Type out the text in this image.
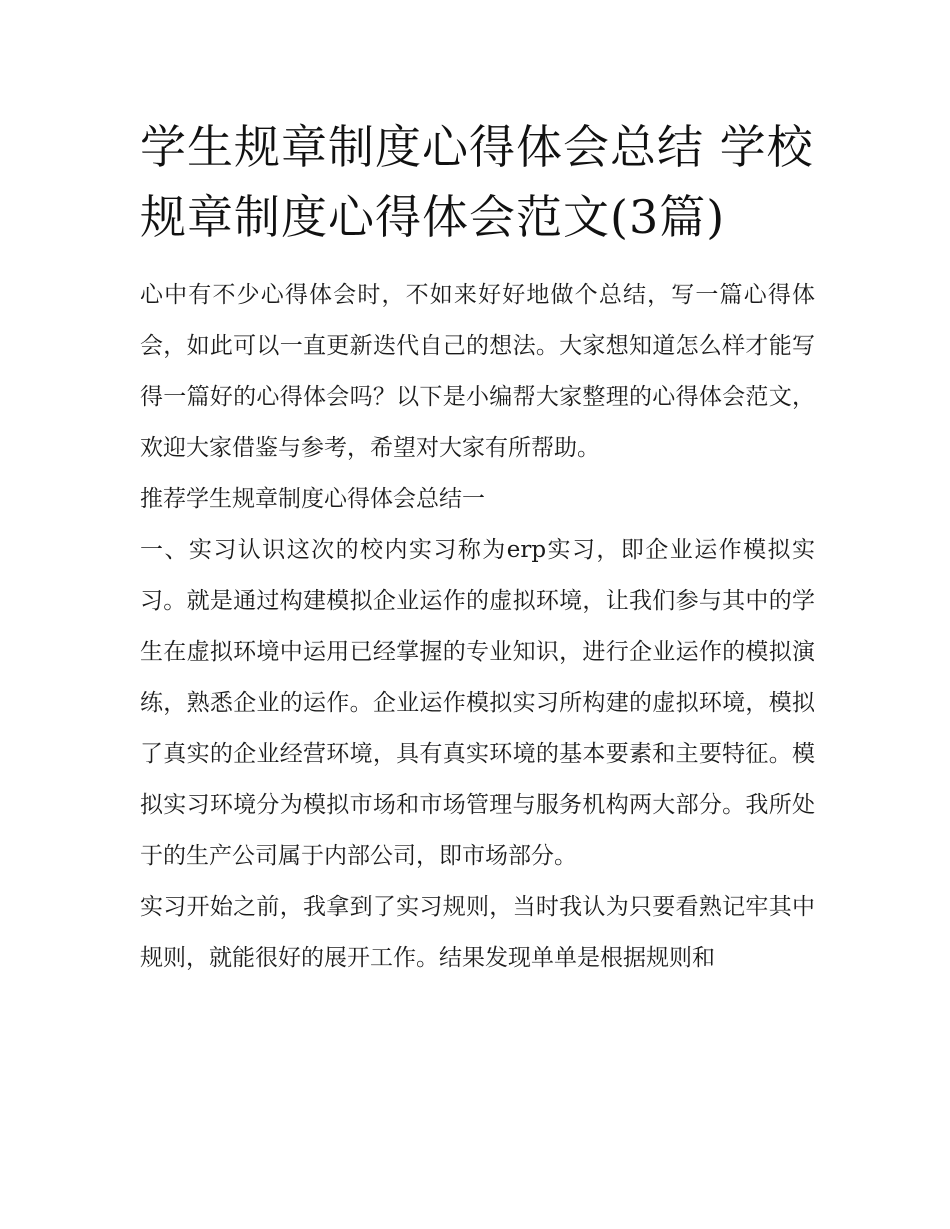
学生规章制度心得体会总结 学校规章制度心得体会范文(3篇)

心中有不少心得体会时，不如来好好地做个总结，写一篇心得体会，如此可以一直更新迭代自己的想法。大家想知道怎么样才能写得一篇好的心得体会吗？以下是小编帮大家整理的心得体会范文，欢迎大家借鉴与参考，希望对大家有所帮助。

推荐学生规章制度心得体会总结一

一、实习认识这次的校内实习称为erp实习，即企业运作模拟实习。就是通过构建模拟企业运作的虚拟环境，让我们参与其中的学生在虚拟环境中运用已经掌握的专业知识，进行企业运作的模拟演练，熟悉企业的运作。企业运作模拟实习所构建的虚拟环境，模拟了真实的企业经营环境，具有真实环境的基本要素和主要特征。模拟实习环境分为模拟市场和市场管理与服务机构两大部分。我所处于的生产公司属于内部公司，即市场部分。

实习开始之前，我拿到了实习规则，当时我认为只要看熟记牢其中规则，就能很好的展开工作。结果发现单单是根据规则和
